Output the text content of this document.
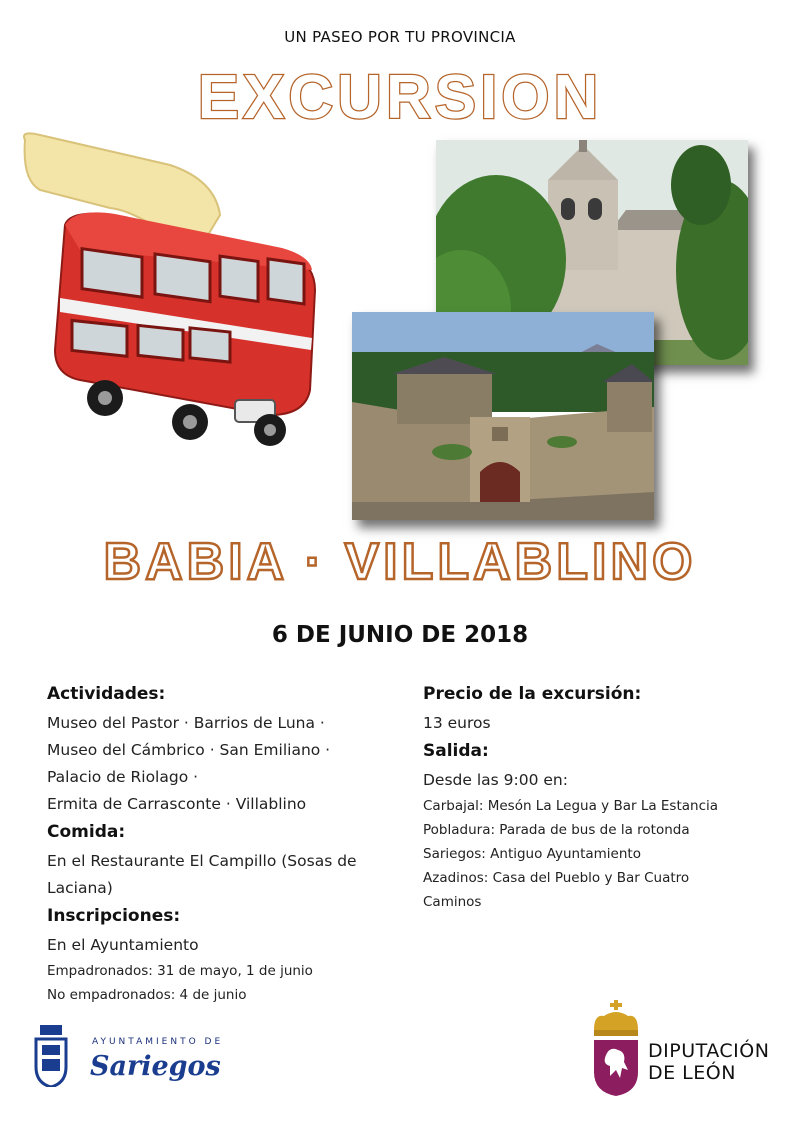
UN PASEO POR TU PROVINCIA
EXCURSION
BABIA · VILLABLINO
6 DE JUNIO DE 2018
Actividades:
Museo del Pastor · Barrios de Luna ·
Museo del Cámbrico · San Emiliano ·
Palacio de Riolago ·
Ermita de Carrasconte · Villablino
Comida:
En el Restaurante El Campillo (Sosas de
Laciana)
Inscripciones:
En el Ayuntamiento
Empadronados: 31 de mayo, 1 de junio
No empadronados: 4 de junio
Precio de la excursión:
13 euros
Salida:
Desde las 9:00 en:
Carbajal: Mesón La Legua y Bar La Estancia
Pobladura: Parada de bus de la rotonda
Sariegos: Antiguo Ayuntamiento
Azadinos: Casa del Pueblo y Bar Cuatro
Caminos
AYUNTAMIENTO DE
Sariegos	DIPUTACIÓN
DE LEÓN
